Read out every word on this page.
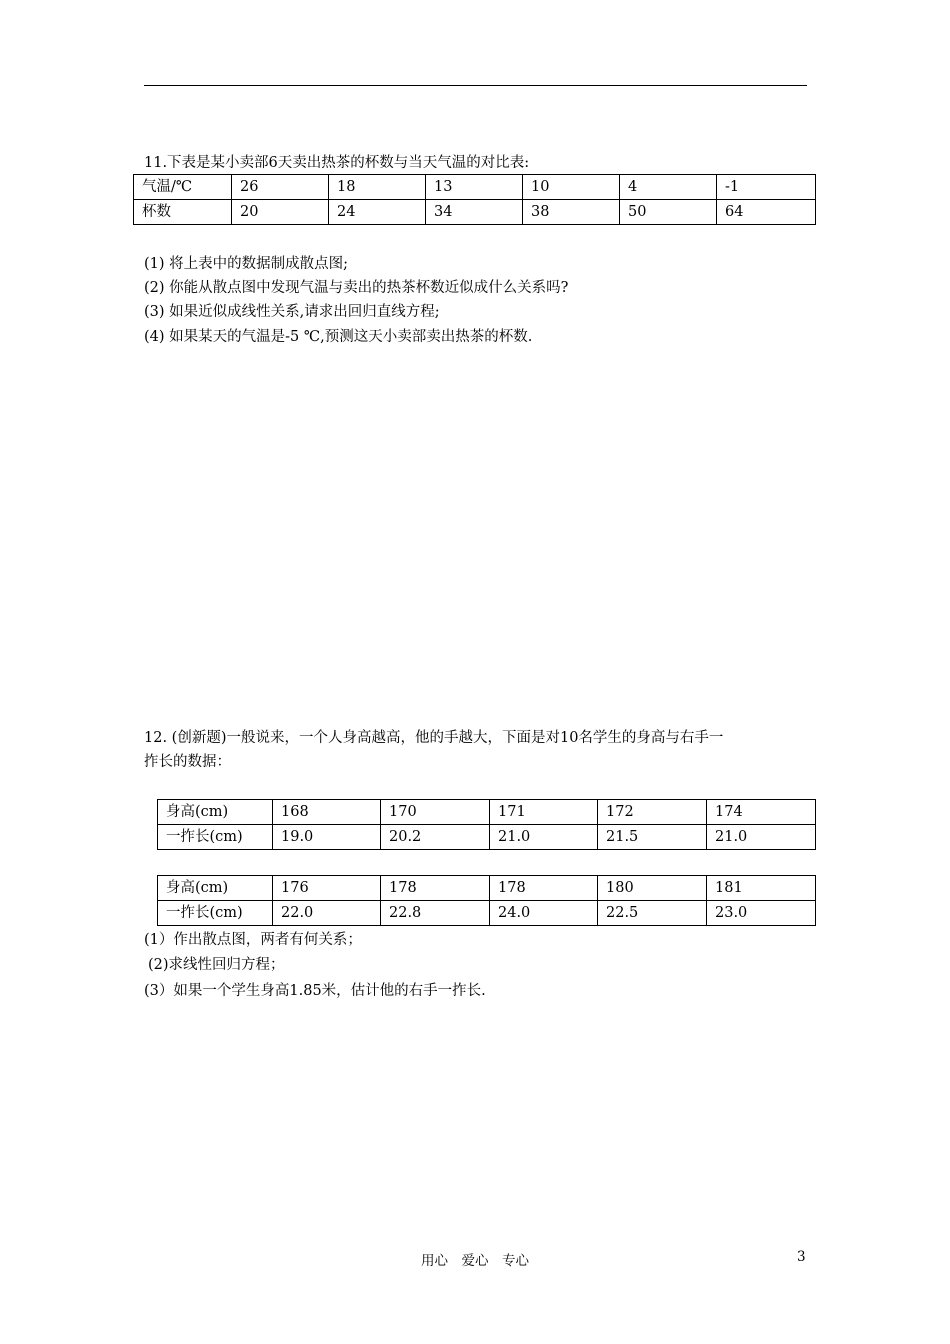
11.下表是某小卖部6天卖出热茶的杯数与当天气温的对比表:
气温/℃	26	18	13	10	4	-1
杯数	20	24	34	38	50	64
(1) 将上表中的数据制成散点图;
(2) 你能从散点图中发现气温与卖出的热茶杯数近似成什么关系吗?
(3) 如果近似成线性关系,请求出回归直线方程;
(4) 如果某天的气温是-5 ℃,预测这天小卖部卖出热茶的杯数.
12. (创新题)一般说来，一个人身高越高，他的手越大，下面是对10名学生的身高与右手一
拃长的数据：
身高(cm)	168	170	171	172	174
一拃长(cm)	19.0	20.2	21.0	21.5	21.0
身高(cm)	176	178	178	180	181
一拃长(cm)	22.0	22.8	24.0	22.5	23.0
(1）作出散点图，两者有何关系；
(2)求线性回归方程；
(3）如果一个学生身高1.85米，估计他的右手一拃长.
用心　爱心　专心	3
